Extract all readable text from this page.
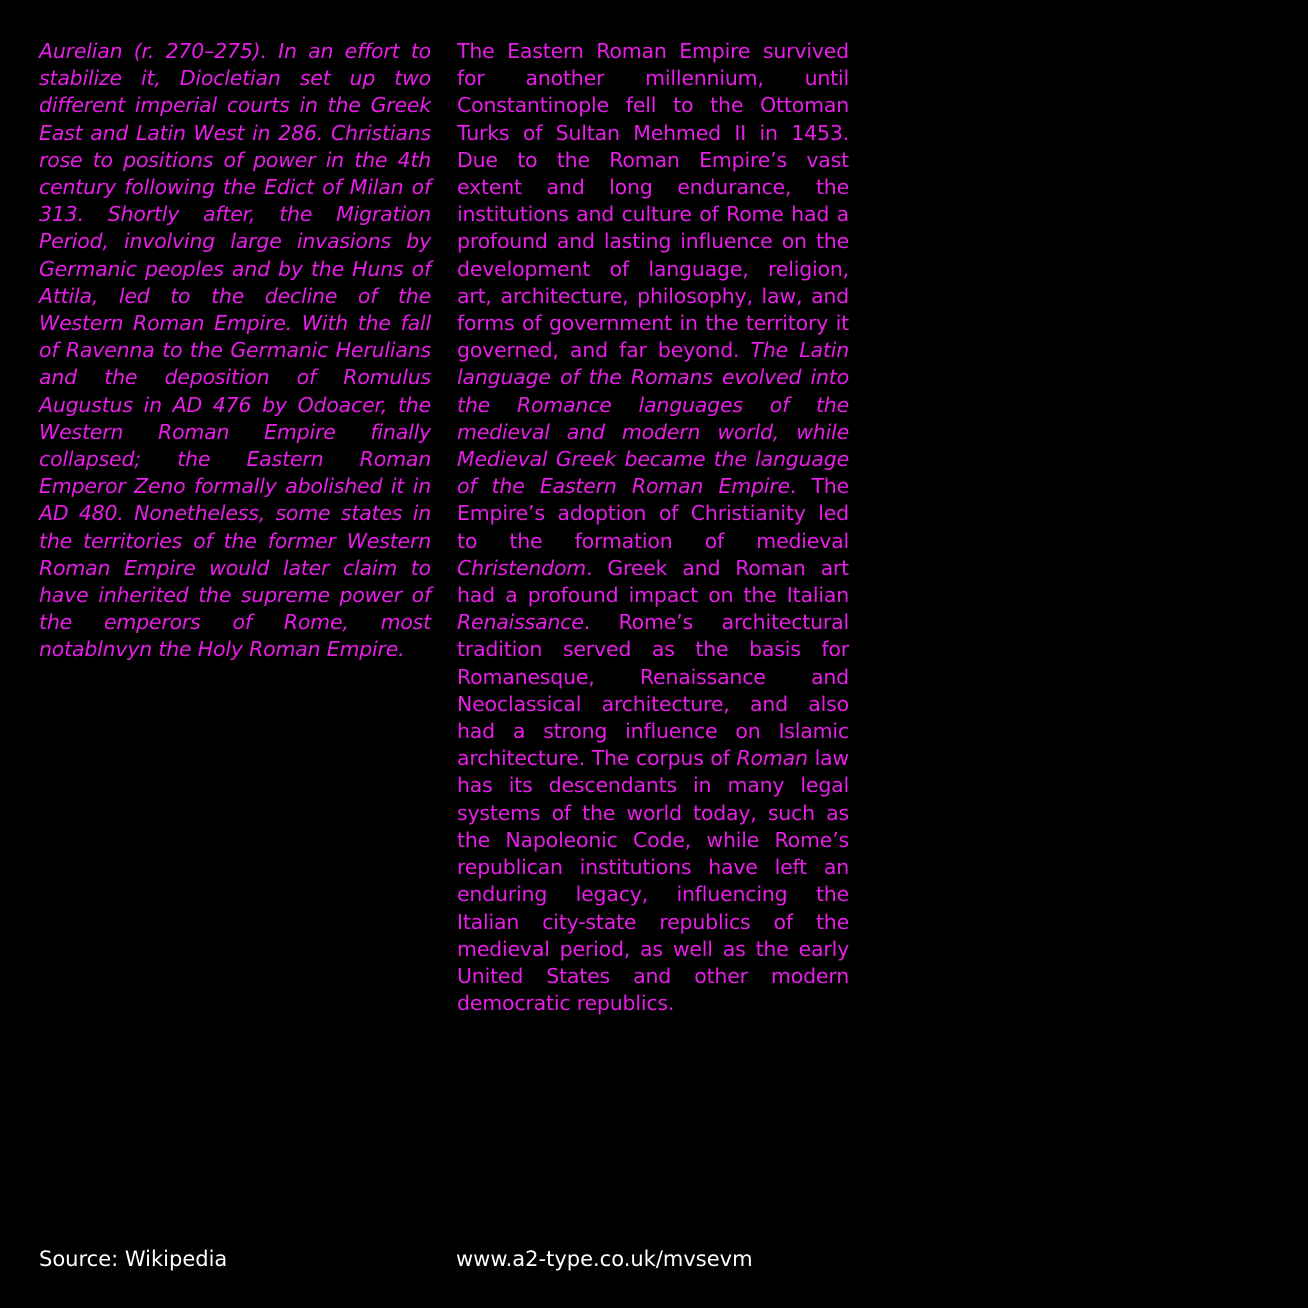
Aurelian (r. 270–275). In an effort to stabilize it, Diocletian set up two different imperial courts in the Greek East and Latin West in 286. Christians rose to positions of power in the 4th century following the Edict of Milan of 313. Shortly after, the Migration Period, involving large invasions by Germanic peoples and by the Huns of Attila, led to the decline of the Western Roman Empire. With the fall of Ravenna to the Germanic Herulians and the deposition of Romulus Augustus in AD 476 by Odoacer, the Western Roman Empire finally collapsed; the Eastern Roman Emperor Zeno formally abolished it in AD 480. Nonetheless, some states in the territories of the former Western Roman Empire would later claim to have inherited the supreme power of the emperors of Rome, most notablnvyn the Holy Roman Empire.

The Eastern Roman Empire survived for another millennium, until Constantinople fell to the Ottoman Turks of Sultan Mehmed II in 1453. Due to the Roman Empire’s vast extent and long endurance, the institutions and culture of Rome had a profound and lasting influence on the development of language, religion, art, architecture, philosophy, law, and forms of government in the territory it governed, and far beyond. The Latin language of the Romans evolved into the Romance languages of the medieval and modern world, while Medieval Greek became the language of the Eastern Roman Empire. The Empire’s adoption of Christianity led to the formation of medieval Christendom. Greek and Roman art had a profound impact on the Italian Renaissance. Rome’s architectural tradition served as the basis for Romanesque, Renaissance and Neoclassical architecture, and also had a strong influence on Islamic architecture. The corpus of Roman law has its descendants in many legal systems of the world today, such as the Napoleonic Code, while Rome’s republican institutions have left an enduring legacy, influencing the Italian city-state republics of the medieval period, as well as the early United States and other modern democratic republics.

Source: Wikipedia	www.a2-type.co.uk/mvsevm
